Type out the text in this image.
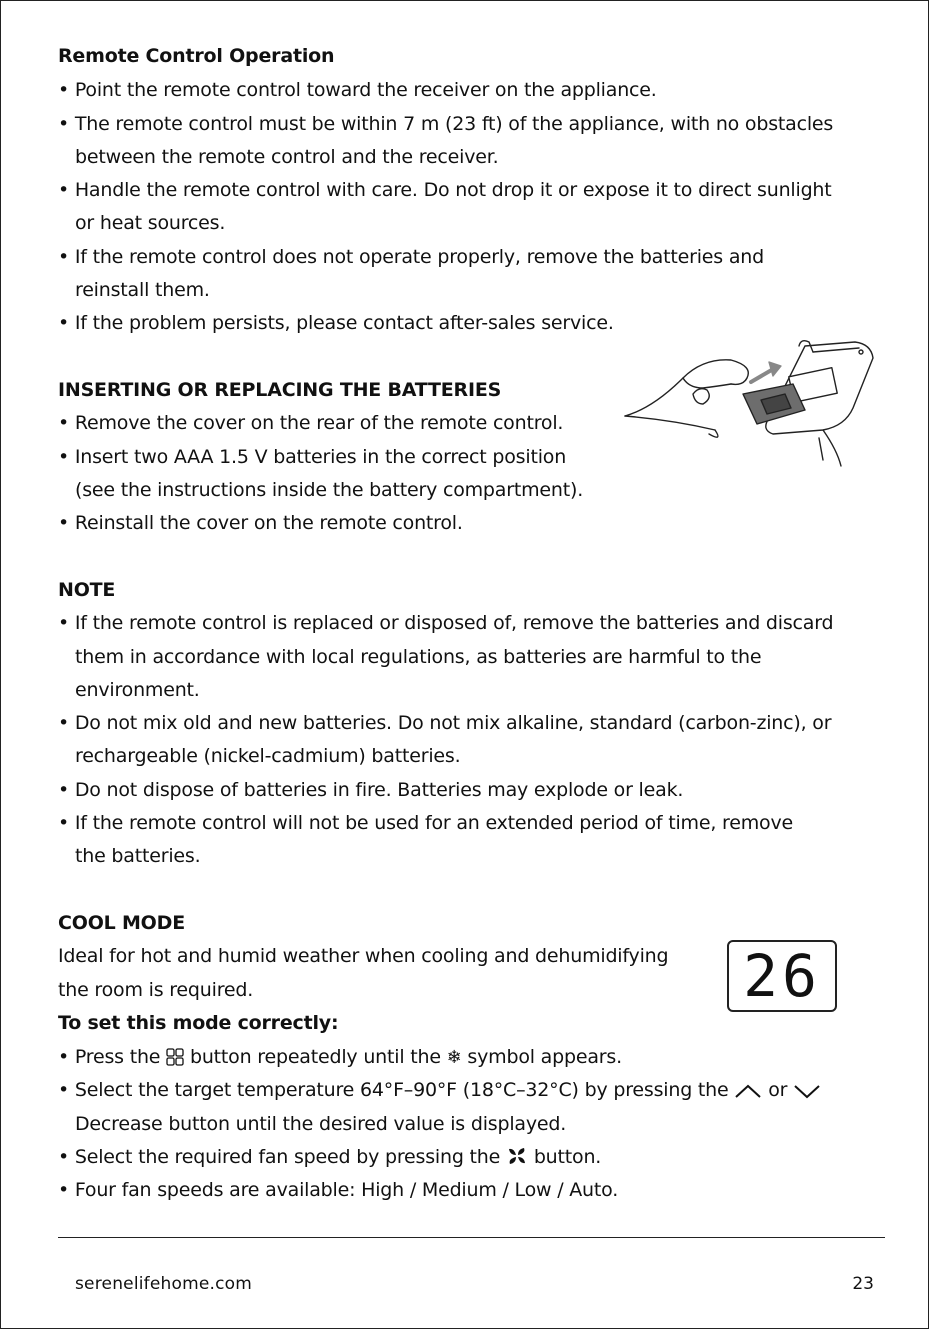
Remote Control Operation
• Point the remote control toward the receiver on the appliance.
• The remote control must be within 7 m (23 ft) of the appliance, with no obstacles
between the remote control and the receiver.
• Handle the remote control with care. Do not drop it or expose it to direct sunlight
or heat sources.
• If the remote control does not operate properly, remove the batteries and
reinstall them.
• If the problem persists, please contact after-sales service.
INSERTING OR REPLACING THE BATTERIES
• Remove the cover on the rear of the remote control.
• Insert two AAA 1.5 V batteries in the correct position
(see the instructions inside the battery compartment).
• Reinstall the cover on the remote control.
NOTE
• If the remote control is replaced or disposed of, remove the batteries and discard
them in accordance with local regulations, as batteries are harmful to the
environment.
• Do not mix old and new batteries. Do not mix alkaline, standard (carbon-zinc), or
rechargeable (nickel-cadmium) batteries.
• Do not dispose of batteries in fire. Batteries may explode or leak.
• If the remote control will not be used for an extended period of time, remove
the batteries.
COOL MODE
Ideal for hot and humid weather when cooling and dehumidifying
the room is required.
To set this mode correctly:
26
• Press the button repeatedly until the ❄ symbol appears.
• Select the target temperature 64°F–90°F (18°C–32°C) by pressing the or
Decrease button until the desired value is displayed.
• Select the required fan speed by pressing the button.
• Four fan speeds are available: High / Medium / Low / Auto.
serenelifehome.com	23
